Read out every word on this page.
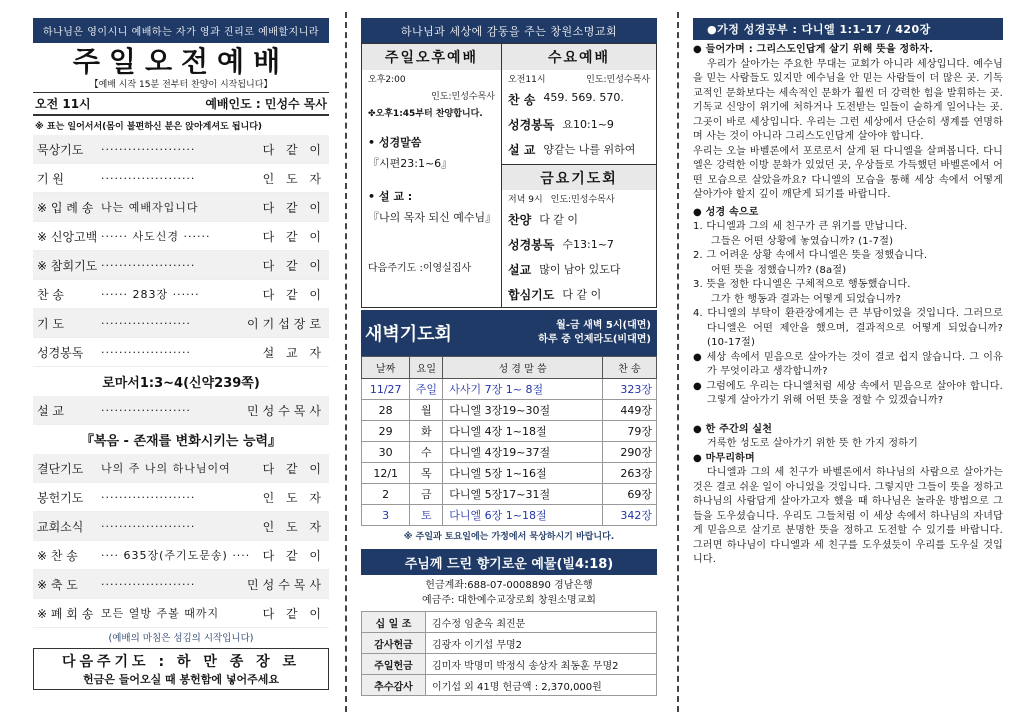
하나님은 영이시니 예배하는 자가 영과 진리로 예배할지니라
주일오전예배
【예배 시작 15분 전부터 찬양이 시작됩니다】
오전 11시	예배인도 : 민성수 목사
※ 표는 일어서서(몸이 불편하신 분은 앉아계셔도 됩니다)
묵상기도	·····················	다 같 이
기 원	·····················	인 도 자
※ 입 례 송 나는 예배자입니다	다 같 이
※ 신앙고백 ······ 사도신경 ······	다 같 이
※ 참회기도 ·····················	다 같 이
찬 송	······ 283장 ······	다 같 이
기 도	····················	이기섭장로
성경봉독	····················	설 교 자
로마서1:3~4(신약239쪽)
설 교	····················	민성수목사
『복음 - 존재를 변화시키는 능력』
결단기도	나의 주 나의 하나님이여	다 같 이
봉헌기도	·····················	인 도 자
교회소식	·····················	인 도 자
※ 찬 송	···· 635장(주기도문송) ····	다 같 이
※ 축 도	·····················	민성수목사
※ 폐 회 송 모든 열방 주볼 때까지	다 같 이
(예배의 마침은 섬김의 시작입니다)
다음주기도 : 하 만 종 장 로
헌금은 들어오실 때 봉헌함에 넣어주세요
하나님과 세상에 감동을 주는 창원소명교회
주일오후예배
오후2:00
인도:민성수목사
✤오후1:45부터 찬양합니다.
• 성경말씀
『시편23:1~6』
• 설 교 :
『나의 목자 되신 예수님』
다음주기도 :이영실집사
수요예배
오전11시	인도:민성수목사
찬 송 459. 569. 570.
성경봉독 요10:1~9
설 교 양같는 나를 위하여
금요기도회
저녁 9시 인도:민성수목사
찬양 다 같 이
성경봉독 수13:1~7
설교 많이 남아 있도다
합심기도 다 같 이
새벽기도회	월-금 새벽 5시(대면)
하루 중 언제라도(비대면)
날짜	요일	성 경 말 씀	찬 송
11/27	주일	사사기 7장 1~ 8절	323장
28	월	다니엘 3장19~30절	449장
29	화	다니엘 4장 1~18절	79장
30	수	다니엘 4장19~37절	290장
12/1	목	다니엘 5장 1~16절	263장
2	금	다니엘 5장17~31절	69장
3	토	다니엘 6장 1~18절	342장
※ 주일과 토요일에는 가정에서 묵상하시기 바랍니다.
주님께 드린 향기로운 예물(빌4:18)
헌금계좌:688-07-0008890 경남은행
예금주: 대한예수교장로회 창원소명교회
십 일 조	김수정 임춘옥 최진문
감사헌금	김광자 이기섭 무명2
주일헌금	김미자 박명미 박정식 송상자 최동훈 무명2
추수감사	이기섭 외 41명 헌금액 : 2,370,000원
●가정 성경공부 : 다니엘 1:1-17 / 420장
● 들어가며 : 그리스도인답게 살기 위해 뜻을 정하자.
우리가 살아가는 주요한 무대는 교회가 아니라 세상입니다. 예수님을 믿는 사람들도 있지만 예수님을 안 믿는 사람들이 더 많은 곳. 기독교적인 문화보다는 세속적인 문화가 훨씬 더 강력한 힘을 발휘하는 곳. 기독교 신앙이 위기에 처하거나 도전받는 일들이 숱하게 일어나는 곳. 그곳이 바로 세상입니다. 우리는 그런 세상에서 단순히 생계를 연명하며 사는 것이 아니라 그리스도인답게 살아야 합니다.
우리는 오늘 바벨론에서 포로로서 살게 된 다니엘을 살펴봅니다. 다니엘은 강력한 이방 문화가 있었던 곳, 우상들로 가득했던 바벨론에서 어떤 모습으로 살았을까요? 다니엘의 모습을 통해 세상 속에서 어떻게 살아가야 할지 깊이 깨닫게 되기를 바랍니다.
● 성경 속으로
1. 다니엘과 그의 세 친구가 큰 위기를 만납니다.
그들은 어떤 상황에 놓였습니까? (1-7절)
2. 그 어려운 상황 속에서 다니엘은 뜻을 정했습니다.
어떤 뜻을 정했습니까? (8a절)
3. 뜻을 정한 다니엘은 구체적으로 행동했습니다.
그가 한 행동과 결과는 어떻게 되었습니까?
4. 다니엘의 부탁이 환관장에게는 큰 부담이었을 것입니다. 그러므로 다니엘은 어떤 제안을 했으며, 결과적으로 어떻게 되었습니까? (10-17절)
● 세상 속에서 믿음으로 살아가는 것이 결코 쉽지 않습니다. 그 이유가 무엇이라고 생각합니까?
● 그럼에도 우리는 다니엘처럼 세상 속에서 믿음으로 살아야 합니다. 그렇게 살아가기 위해 어떤 뜻을 정할 수 있겠습니까?
● 한 주간의 실천
거룩한 성도로 살아가기 위한 뜻 한 가지 정하기
● 마무리하며
다니엘과 그의 세 친구가 바벨론에서 하나님의 사람으로 살아가는 것은 결코 쉬운 일이 아니었을 것입니다. 그렇지만 그들이 뜻을 정하고 하나님의 사람답게 살아가고자 했을 때 하나님은 놀라운 방법으로 그들을 도우셨습니다. 우리도 그들처럼 이 세상 속에서 하나님의 자녀답게 믿음으로 살기로 분명한 뜻을 정하고 도전할 수 있기를 바랍니다. 그러면 하나님이 다니엘과 세 친구를 도우셨듯이 우리를 도우실 것입니다.
